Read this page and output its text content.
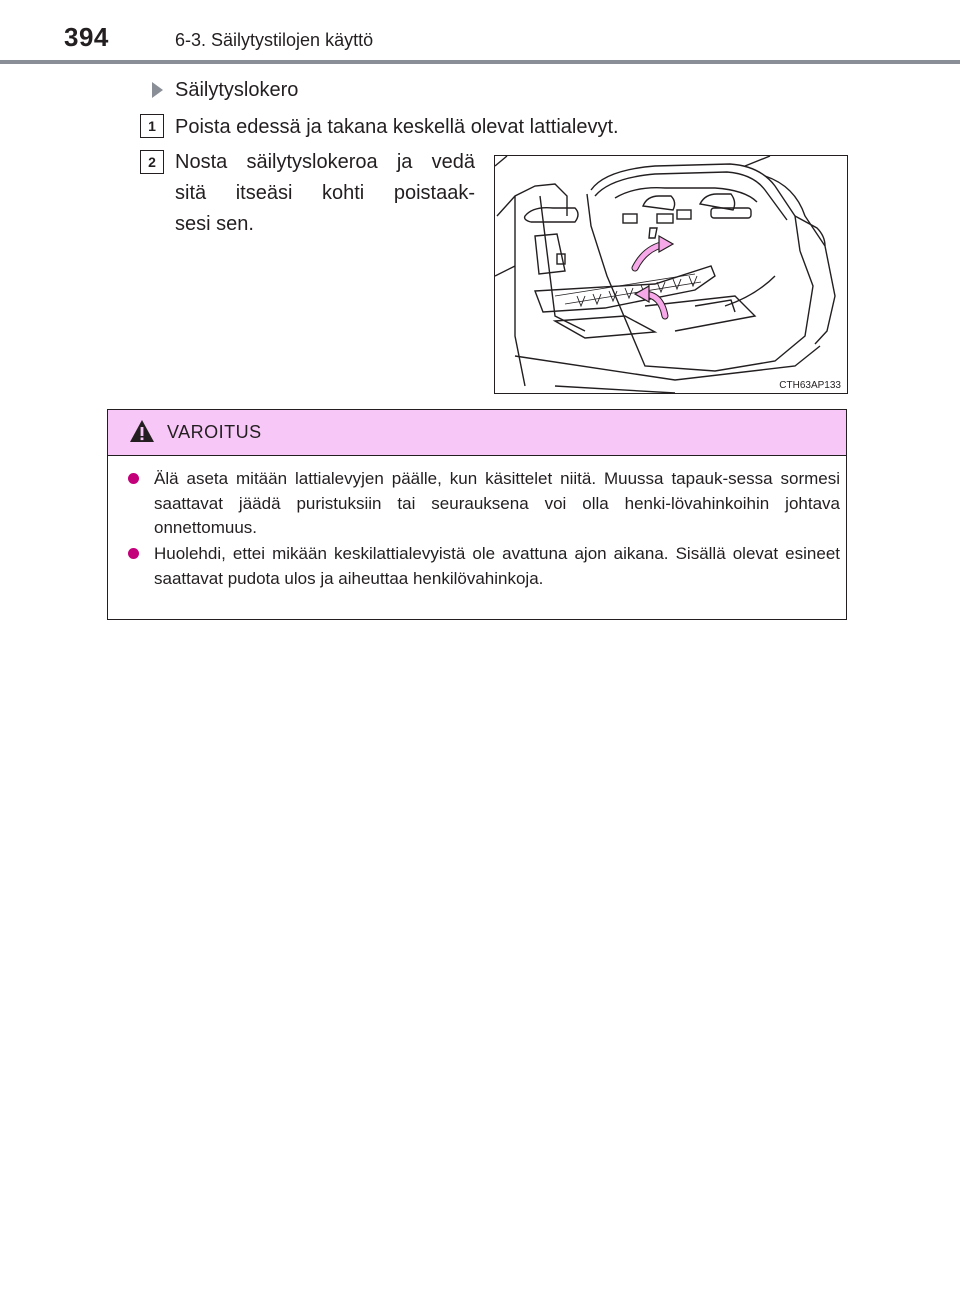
394	6-3. Säilytystilojen käyttö
Säilytyslokero
1 Poista edessä ja takana keskellä olevat lattialevyt.
2 Nosta säilytyslokeroa ja vedä
sitä itseäsi kohti poistaak-
sesi sen.
CTH63AP133
VAROITUS
Älä aseta mitään lattialevyjen päälle, kun käsittelet niitä. Muussa tapauk-sessa sormesi saattavat jäädä puristuksiin tai seurauksena voi olla henki-lövahinkoihin johtava onnettomuus.
Huolehdi, ettei mikään keskilattialevyistä ole avattuna ajon aikana. Sisällä olevat esineet saattavat pudota ulos ja aiheuttaa henkilövahinkoja.
